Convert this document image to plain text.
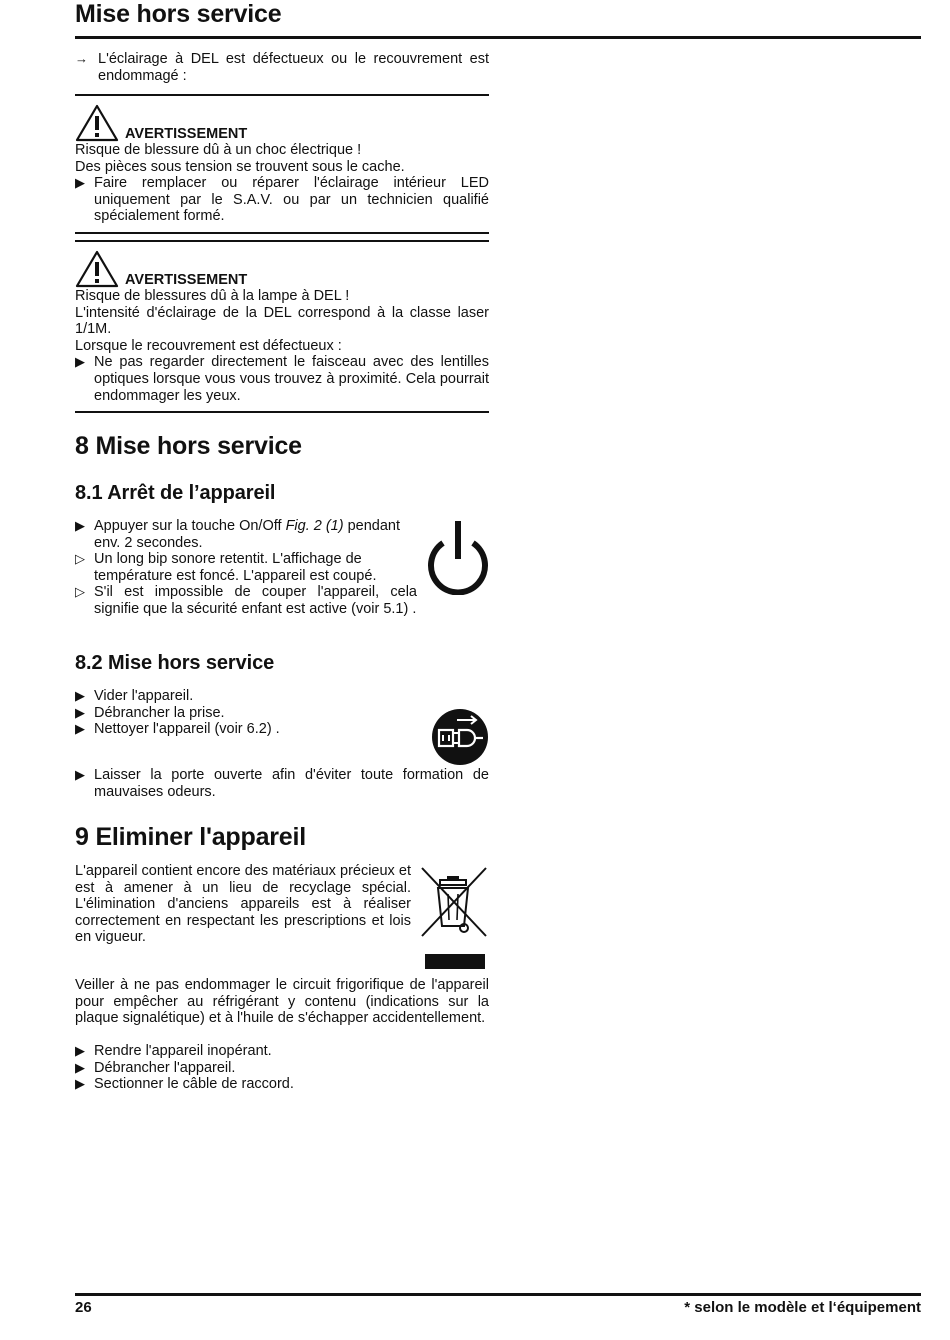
Mise hors service
→ L'éclairage à DEL est défectueux ou le recouvrement est endommagé :
AVERTISSEMENT
Risque de blessure dû à un choc électrique !
Des pièces sous tension se trouvent sous le cache.
▶ Faire remplacer ou réparer l'éclairage intérieur LED uniquement par le S.A.V. ou par un technicien qualifié spécialement formé.
AVERTISSEMENT
Risque de blessures dû à la lampe à DEL !
L'intensité d'éclairage de la DEL correspond à la classe laser 1/1M.
Lorsque le recouvrement est défectueux :
▶ Ne pas regarder directement le faisceau avec des lentilles optiques lorsque vous vous trouvez à proximité. Cela pourrait endommager les yeux.
8 Mise hors service
8.1 Arrêt de l’appareil
▶ Appuyer sur la touche On/Off Fig. 2 (1) pendant env. 2 secondes.
▷ Un long bip sonore retentit. L'affichage de température est foncé. L'appareil est coupé.
▷ S'il est impossible de couper l'appareil, cela signifie que la sécurité enfant est active (voir 5.1) .
8.2 Mise hors service
▶ Vider l'appareil.
▶ Débrancher la prise.
▶ Nettoyer l'appareil (voir 6.2) .
▶ Laisser la porte ouverte afin d'éviter toute formation de mauvaises odeurs.
9 Eliminer l'appareil
L'appareil contient encore des matériaux précieux et est à amener à un lieu de recyclage spécial. L'élimination d'anciens appareils est à réaliser correctement en respectant les prescriptions et lois en vigueur.
Veiller à ne pas endommager le circuit frigorifique de l'appareil pour empêcher au réfrigérant y contenu (indications sur la plaque signalétique) et à l'huile de s'échapper accidentellement.
▶ Rendre l'appareil inopérant.
▶ Débrancher l'appareil.
▶ Sectionner le câble de raccord.
26	* selon le modèle et l‘équipement
